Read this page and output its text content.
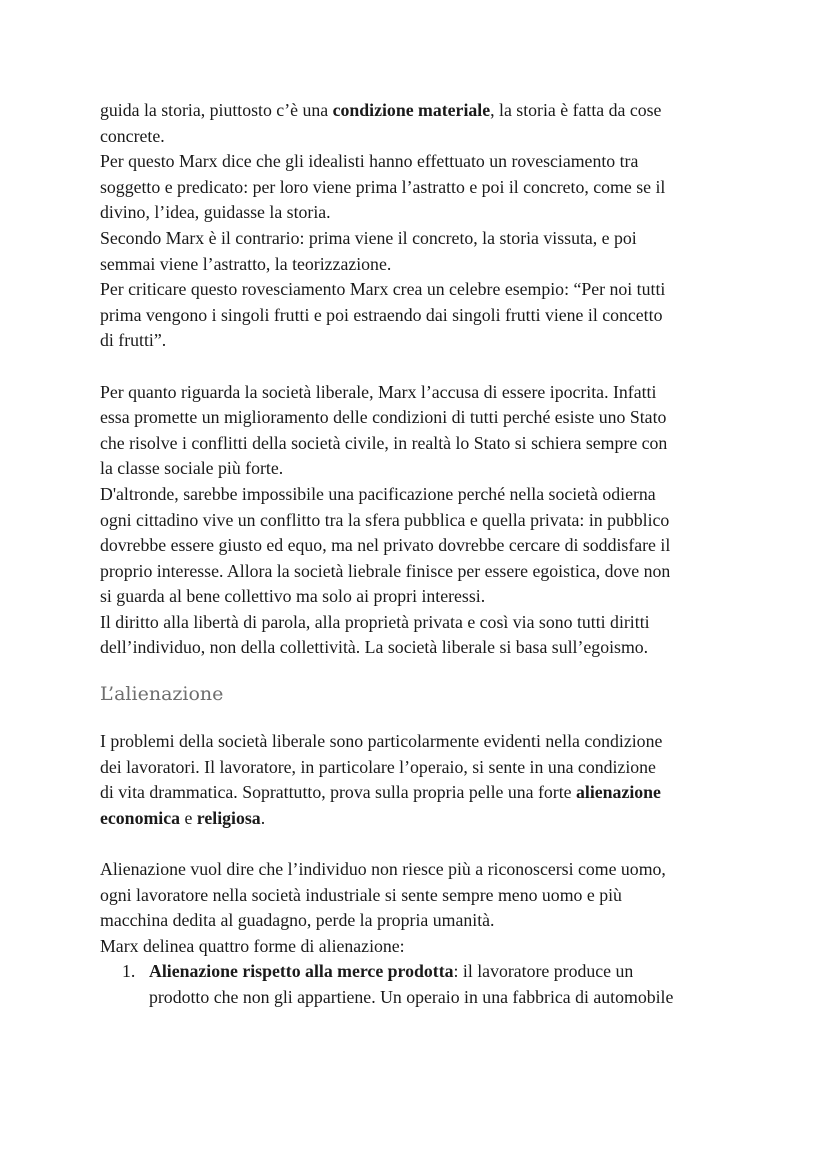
guida la storia, piuttosto c’è una condizione materiale, la storia è fatta da cose

concrete.

Per questo Marx dice che gli idealisti hanno effettuato un rovesciamento tra

soggetto e predicato: per loro viene prima l’astratto e poi il concreto, come se il

divino, l’idea, guidasse la storia.

Secondo Marx è il contrario: prima viene il concreto, la storia vissuta, e poi

semmai viene l’astratto, la teorizzazione.

Per criticare questo rovesciamento Marx crea un celebre esempio: “Per noi tutti

prima vengono i singoli frutti e poi estraendo dai singoli frutti viene il concetto

di frutti”.

Per quanto riguarda la società liberale, Marx l’accusa di essere ipocrita. Infatti

essa promette un miglioramento delle condizioni di tutti perché esiste uno Stato

che risolve i conflitti della società civile, in realtà lo Stato si schiera sempre con

la classe sociale più forte.

D'altronde, sarebbe impossibile una pacificazione perché nella società odierna

ogni cittadino vive un conflitto tra la sfera pubblica e quella privata: in pubblico

dovrebbe essere giusto ed equo, ma nel privato dovrebbe cercare di soddisfare il

proprio interesse. Allora la società liebrale finisce per essere egoistica, dove non

si guarda al bene collettivo ma solo ai propri interessi.

Il diritto alla libertà di parola, alla proprietà privata e così via sono tutti diritti

dell’individuo, non della collettività. La società liberale si basa sull’egoismo.

L’alienazione

I problemi della società liberale sono particolarmente evidenti nella condizione

dei lavoratori. Il lavoratore, in particolare l’operaio, si sente in una condizione

di vita drammatica. Soprattutto, prova sulla propria pelle una forte alienazione

economica e religiosa.

Alienazione vuol dire che l’individuo non riesce più a riconoscersi come uomo,

ogni lavoratore nella società industriale si sente sempre meno uomo e più

macchina dedita al guadagno, perde la propria umanità.

Marx delinea quattro forme di alienazione:

1. Alienazione rispetto alla merce prodotta: il lavoratore produce un

prodotto che non gli appartiene. Un operaio in una fabbrica di automobile
